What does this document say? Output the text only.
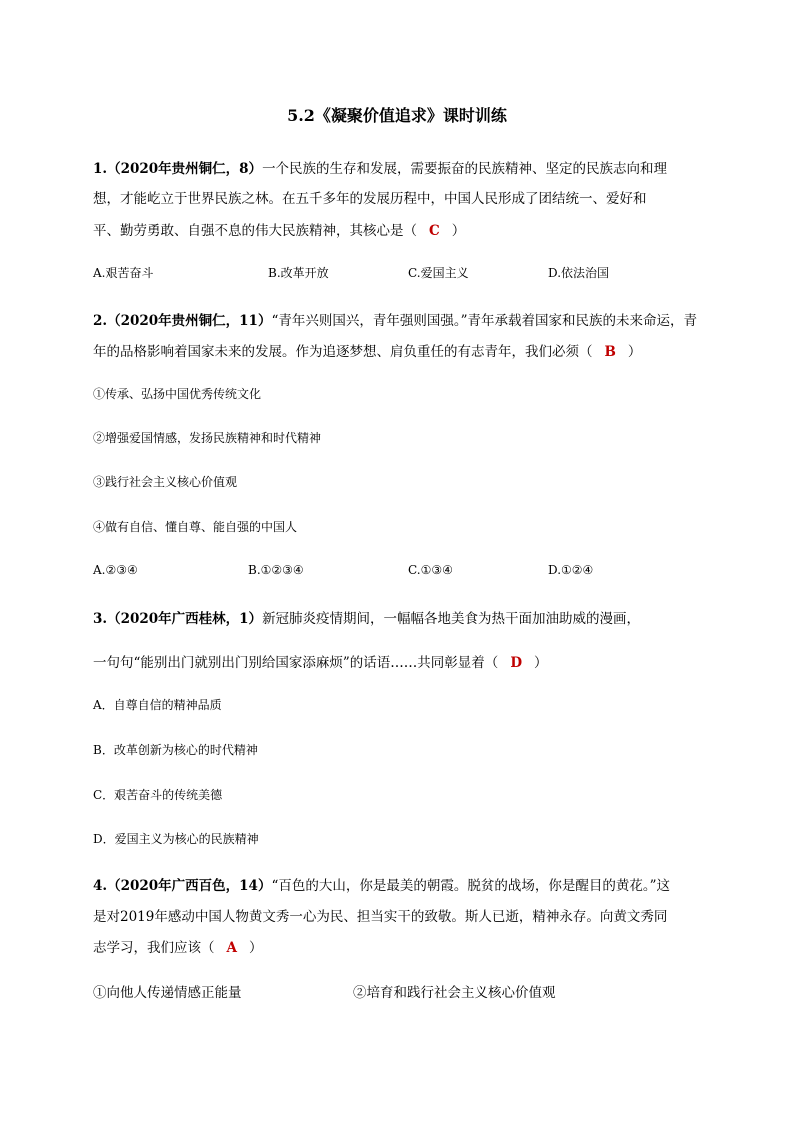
5.2《凝聚价值追求》课时训练
1.（2020年贵州铜仁，8）一个民族的生存和发展，需要振奋的民族精神、坚定的民族志向和理
想，才能屹立于世界民族之林。在五千多年的发展历程中，中国人民形成了团结统一、爱好和
平、勤劳勇敢、自强不息的伟大民族精神，其核心是（ C ）
A.艰苦奋斗	B.改革开放	C.爱国主义	D.依法治国
2.（2020年贵州铜仁，11）“青年兴则国兴，青年强则国强。”青年承载着国家和民族的未来命运，青
年的品格影响着国家未来的发展。作为追逐梦想、肩负重任的有志青年，我们必须（ B ）
①传承、弘扬中国优秀传统文化
②增强爱国情感，发扬民族精神和时代精神
③践行社会主义核心价值观
④做有自信、懂自尊、能自强的中国人
A.②③④	B.①②③④	C.①③④	D.①②④
3.（2020年广西桂林，1）新冠肺炎疫情期间，一幅幅各地美食为热干面加油助威的漫画，
一句句“能别出门就别出门别给国家添麻烦”的话语……共同彰显着（ D ）
A．自尊自信的精神品质
B．改革创新为核心的时代精神
C．艰苦奋斗的传统美德
D．爱国主义为核心的民族精神
4.（2020年广西百色，14）“百色的大山，你是最美的朝霞。脱贫的战场，你是醒目的黄花。”这
是对2019年感动中国人物黄文秀一心为民、担当实干的致敬。斯人已逝，精神永存。向黄文秀同
志学习，我们应该（ A ）
①向他人传递情感正能量	②培育和践行社会主义核心价值观
